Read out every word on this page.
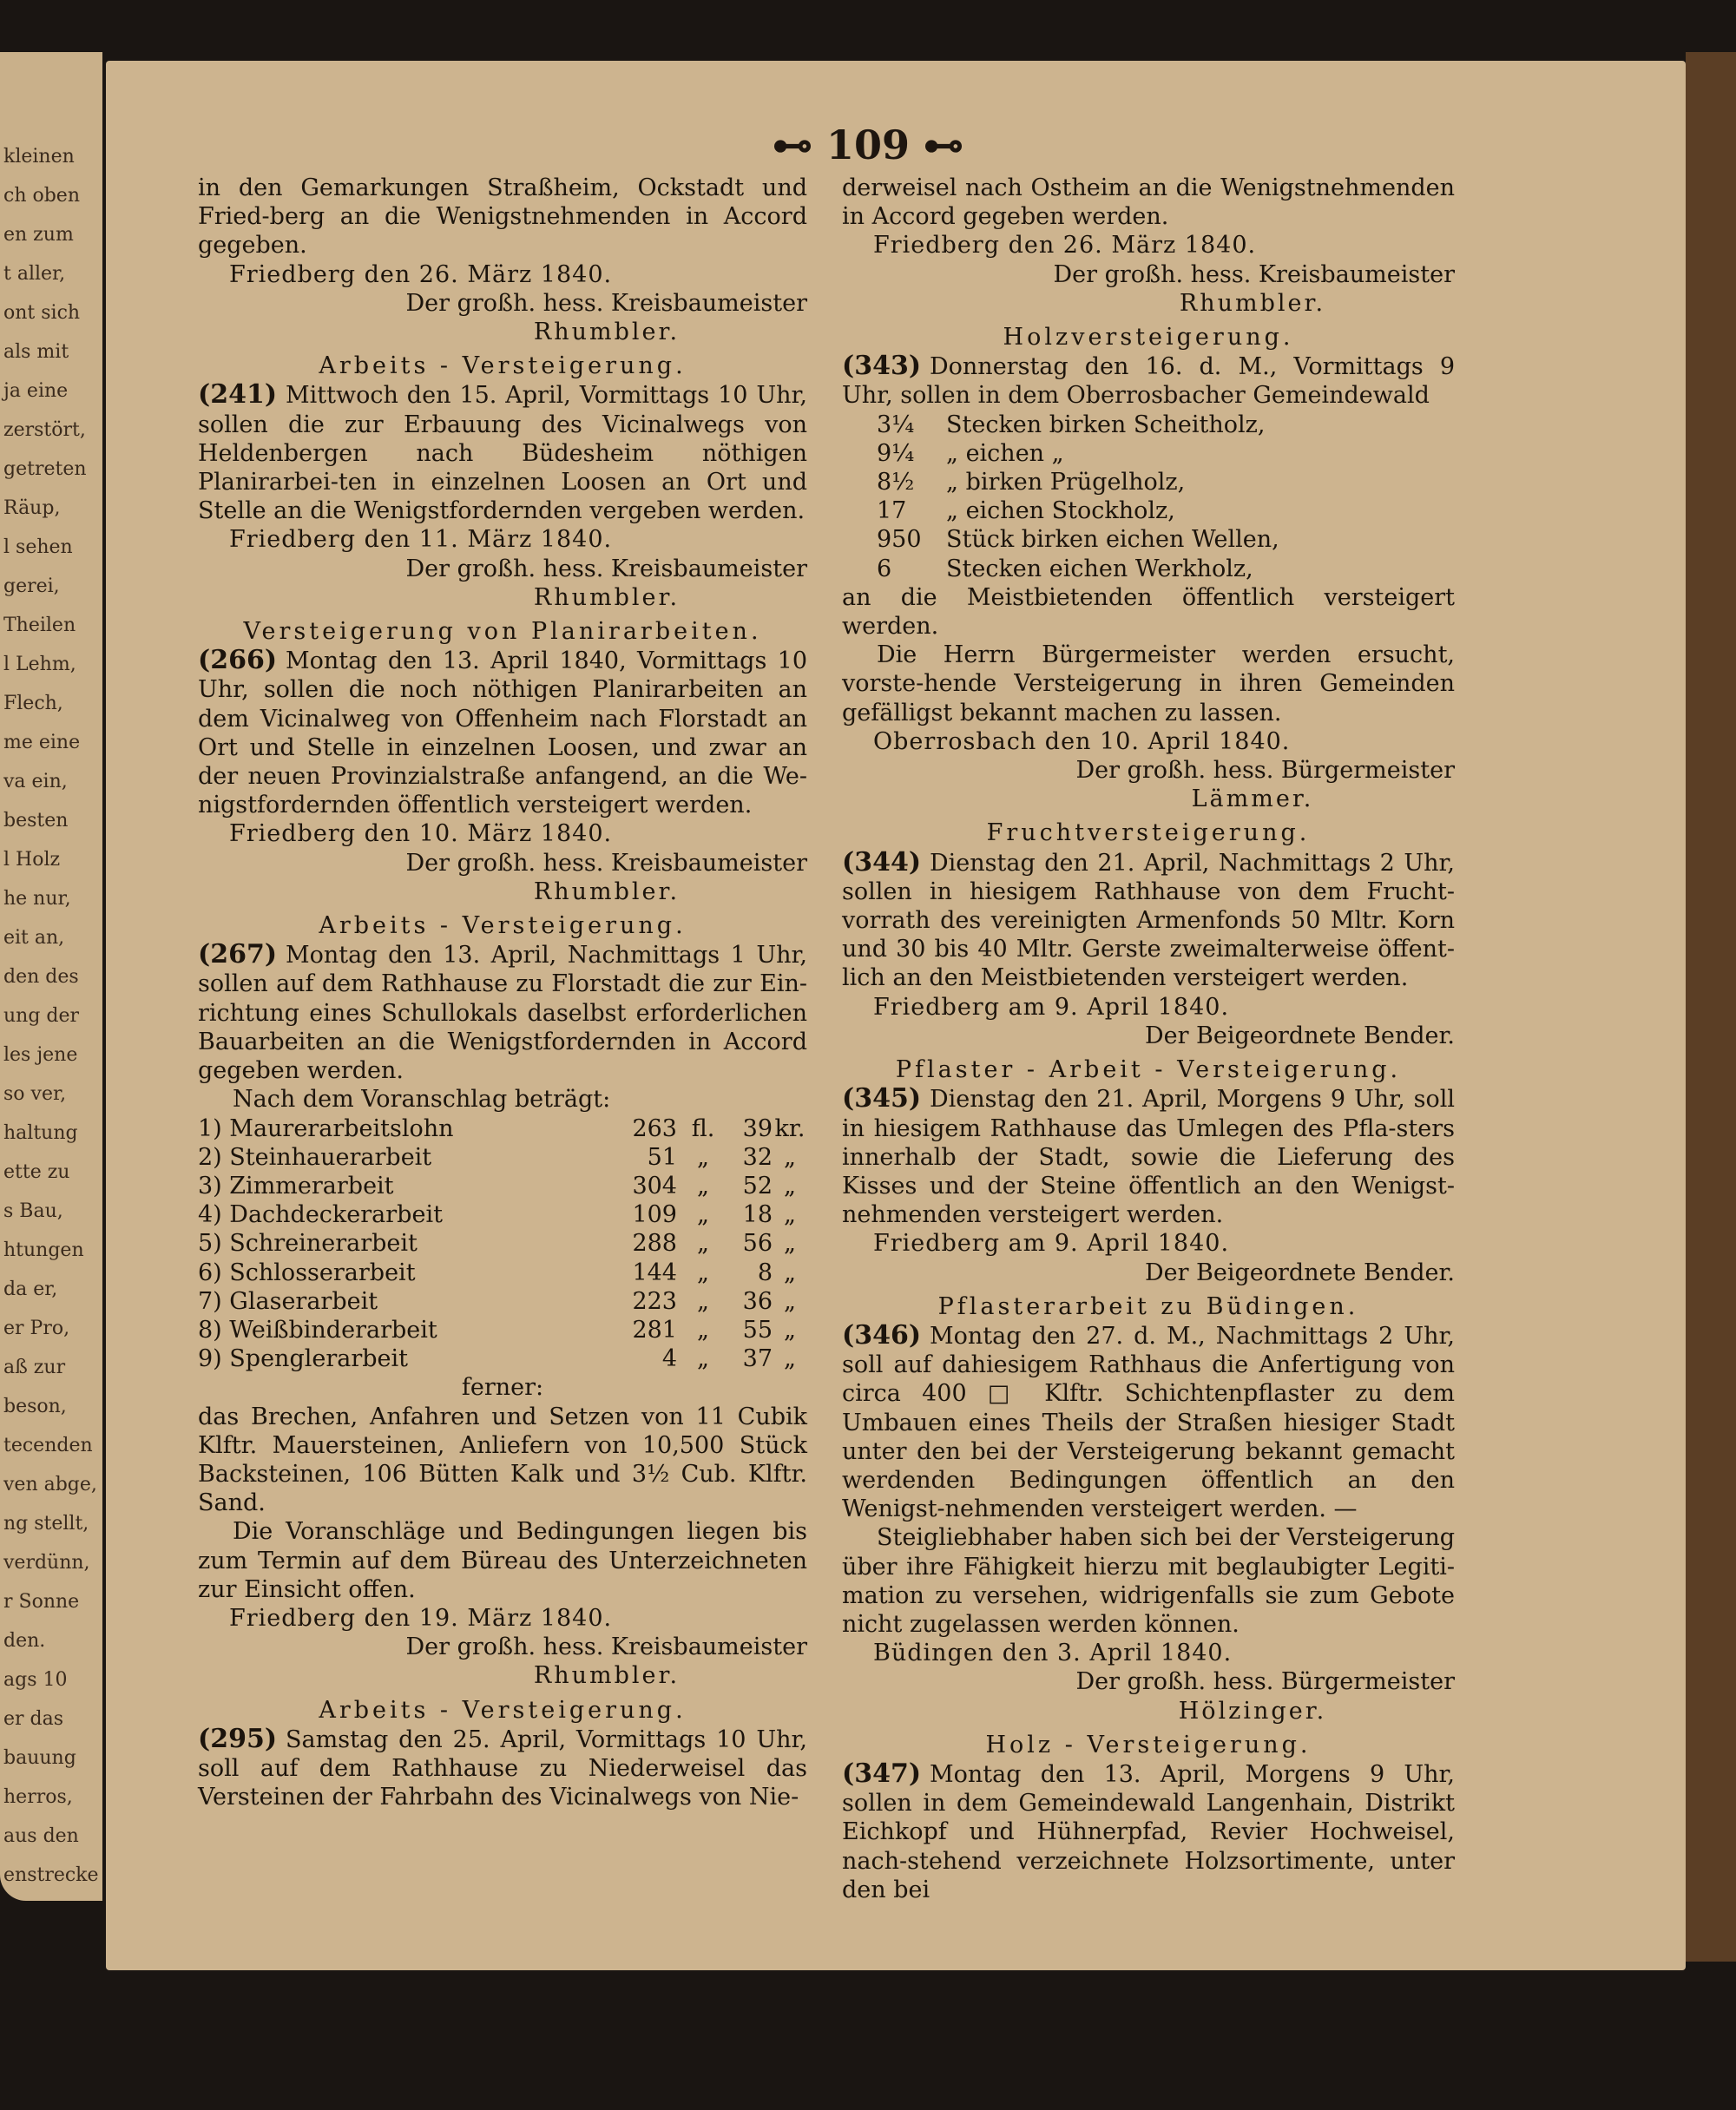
kleinen
ch oben
en zum
t aller,
ont sich
als mit
ja eine
zerstört,
getreten
Räup,
l sehen
gerei,
Theilen
l Lehm,
Flech,
me eine
va ein,
besten
l Holz
he nur,
eit an,
den des
ung der
les jene
so ver,
haltung
ette zu
s Bau,
htungen
da er,
er Pro,
aß zur
beson,
tecenden
ven abge,
ng stellt,
verdünn,
r Sonne
den.
ags 10
er das
bauung
herros,
aus den
enstrecke
⊷ 109 ⊷

in den Gemarkungen Straßheim, Ockstadt und Fried-berg an die Wenigstnehmenden in Accord gegeben.

Friedberg den 26. März 1840.
Der großh. hess. Kreisbaumeister
Rhumbler.
Arbeits - Versteigerung.

(241) Mittwoch den 15. April, Vormittags 10 Uhr, sollen die zur Erbauung des Vicinalwegs von Heldenbergen nach Büdesheim nöthigen Planirarbei-ten in einzelnen Loosen an Ort und Stelle an die Wenigstfordernden vergeben werden.

Friedberg den 11. März 1840.
Der großh. hess. Kreisbaumeister
Rhumbler.
Versteigerung von Planirarbeiten.

(266) Montag den 13. April 1840, Vormittags 10 Uhr, sollen die noch nöthigen Planirarbeiten an dem Vicinalweg von Offenheim nach Florstadt an Ort und Stelle in einzelnen Loosen, und zwar an der neuen Provinzialstraße anfangend, an die We-nigstfordernden öffentlich versteigert werden.

Friedberg den 10. März 1840.
Der großh. hess. Kreisbaumeister
Rhumbler.
Arbeits - Versteigerung.

(267) Montag den 13. April, Nachmittags 1 Uhr, sollen auf dem Rathhause zu Florstadt die zur Ein-richtung eines Schullokals daselbst erforderlichen Bauarbeiten an die Wenigstfordernden in Accord gegeben werden.

Nach dem Voranschlag beträgt:
1) Maurerarbeitslohn	263	fl.	39	kr.
2) Steinhauerarbeit	51	„	32	„
3) Zimmerarbeit	304	„	52	„
4) Dachdeckerarbeit	109	„	18	„
5) Schreinerarbeit	288	„	56	„
6) Schlosserarbeit	144	„	8	„
7) Glaserarbeit	223	„	36	„
8) Weißbinderarbeit	281	„	55	„
9) Spenglerarbeit	4	„	37	„
ferner:

das Brechen, Anfahren und Setzen von 11 Cubik Klftr. Mauersteinen, Anliefern von 10,500 Stück Backsteinen, 106 Bütten Kalk und 3½ Cub. Klftr. Sand.

Die Voranschläge und Bedingungen liegen bis zum Termin auf dem Büreau des Unterzeichneten zur Einsicht offen.

Friedberg den 19. März 1840.
Der großh. hess. Kreisbaumeister
Rhumbler.
Arbeits - Versteigerung.

(295) Samstag den 25. April, Vormittags 10 Uhr, soll auf dem Rathhause zu Niederweisel das Versteinen der Fahrbahn des Vicinalwegs von Nie-

derweisel nach Ostheim an die Wenigstnehmenden in Accord gegeben werden.

Friedberg den 26. März 1840.
Der großh. hess. Kreisbaumeister
Rhumbler.
Holzversteigerung.

(343) Donnerstag den 16. d. M., Vormittags 9 Uhr, sollen in dem Oberrosbacher Gemeindewald

3¼	Stecken birken Scheitholz,
9¼	„ eichen „
8½	„ birken Prügelholz,
17	„ eichen Stockholz,
950	Stück birken eichen Wellen,
6	Stecken eichen Werkholz,

an die Meistbietenden öffentlich versteigert werden.

Die Herrn Bürgermeister werden ersucht, vorste-hende Versteigerung in ihren Gemeinden gefälligst bekannt machen zu lassen.

Oberrosbach den 10. April 1840.
Der großh. hess. Bürgermeister
Lämmer.
Fruchtversteigerung.

(344) Dienstag den 21. April, Nachmittags 2 Uhr, sollen in hiesigem Rathhause von dem Frucht-vorrath des vereinigten Armenfonds 50 Mltr. Korn und 30 bis 40 Mltr. Gerste zweimalterweise öffent-lich an den Meistbietenden versteigert werden.

Friedberg am 9. April 1840.
Der Beigeordnete Bender.
Pflaster - Arbeit - Versteigerung.

(345) Dienstag den 21. April, Morgens 9 Uhr, soll in hiesigem Rathhause das Umlegen des Pfla-sters innerhalb der Stadt, sowie die Lieferung des Kisses und der Steine öffentlich an den Wenigst-nehmenden versteigert werden.

Friedberg am 9. April 1840.
Der Beigeordnete Bender.
Pflasterarbeit zu Büdingen.

(346) Montag den 27. d. M., Nachmittags 2 Uhr, soll auf dahiesigem Rathhaus die Anfertigung von circa 400 □ Klftr. Schichtenpflaster zu dem Umbauen eines Theils der Straßen hiesiger Stadt unter den bei der Versteigerung bekannt gemacht werdenden Bedingungen öffentlich an den Wenigst-nehmenden versteigert werden. —

Steigliebhaber haben sich bei der Versteigerung über ihre Fähigkeit hierzu mit beglaubigter Legiti-mation zu versehen, widrigenfalls sie zum Gebote nicht zugelassen werden können.

Büdingen den 3. April 1840.
Der großh. hess. Bürgermeister
Hölzinger.
Holz - Versteigerung.

(347) Montag den 13. April, Morgens 9 Uhr, sollen in dem Gemeindewald Langenhain, Distrikt Eichkopf und Hühnerpfad, Revier Hochweisel, nach-stehend verzeichnete Holzsortimente, unter den bei
